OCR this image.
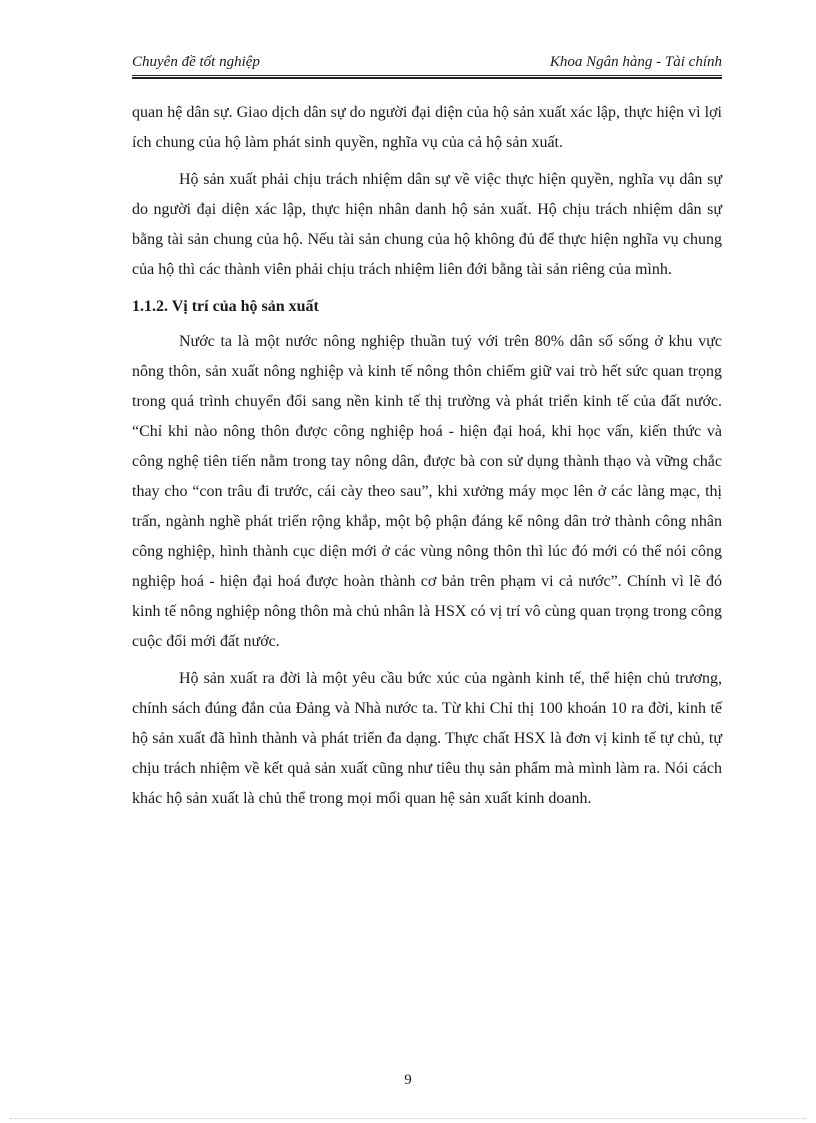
Chuyên đề tốt nghiệp	Khoa Ngân hàng - Tài chính

quan hệ dân sự. Giao dịch dân sự do người đại diện của hộ sản xuất xác lập, thực hiện vì lợi ích chung của hộ làm phát sinh quyền, nghĩa vụ của cả hộ sản xuất.

Hộ sản xuất phải chịu trách nhiệm dân sự về việc thực hiện quyền, nghĩa vụ dân sự do người đại diện xác lập, thực hiện nhân danh hộ sản xuất. Hộ chịu trách nhiệm dân sự bằng tài sản chung của hộ. Nếu tài sản chung của hộ không đủ để thực hiện nghĩa vụ chung của hộ thì các thành viên phải chịu trách nhiệm liên đới bằng tài sản riêng của mình.

1.1.2. Vị trí của hộ sản xuất

Nước ta là một nước nông nghiệp thuần tuý với trên 80% dân số sống ở khu vực nông thôn, sản xuất nông nghiệp và kinh tế nông thôn chiếm giữ vai trò hết sức quan trọng trong quá trình chuyển đổi sang nền kinh tế thị trường và phát triển kinh tế của đất nước. “Chỉ khi nào nông thôn được công nghiệp hoá - hiện đại hoá, khi học vấn, kiến thức và công nghệ tiên tiến nằm trong tay nông dân, được bà con sử dụng thành thạo và vững chắc thay cho “con trâu đi trước, cái cày theo sau”, khi xưởng máy mọc lên ở các làng mạc, thị trấn, ngành nghề phát triển rộng khắp, một bộ phận đáng kể nông dân trở thành công nhân công nghiệp, hình thành cục diện mới ở các vùng nông thôn thì lúc đó mới có thể nói công nghiệp hoá - hiện đại hoá được hoàn thành cơ bản trên phạm vi cả nước”. Chính vì lẽ đó kinh tế nông nghiệp nông thôn mà chủ nhân là HSX có vị trí vô cùng quan trọng trong công cuộc đổi mới đất nước.

Hộ sản xuất ra đời là một yêu cầu bức xúc của ngành kinh tế, thể hiện chủ trương, chính sách đúng đắn của Đảng và Nhà nước ta. Từ khi Chỉ thị 100 khoán 10 ra đời, kinh tế hộ sản xuất đã hình thành và phát triển đa dạng. Thực chất HSX là đơn vị kinh tế tự chủ, tự chịu trách nhiệm về kết quả sản xuất cũng như tiêu thụ sản phẩm mà mình làm ra. Nói cách khác hộ sản xuất là chủ thể trong mọi mối quan hệ sản xuất kinh doanh.

9
